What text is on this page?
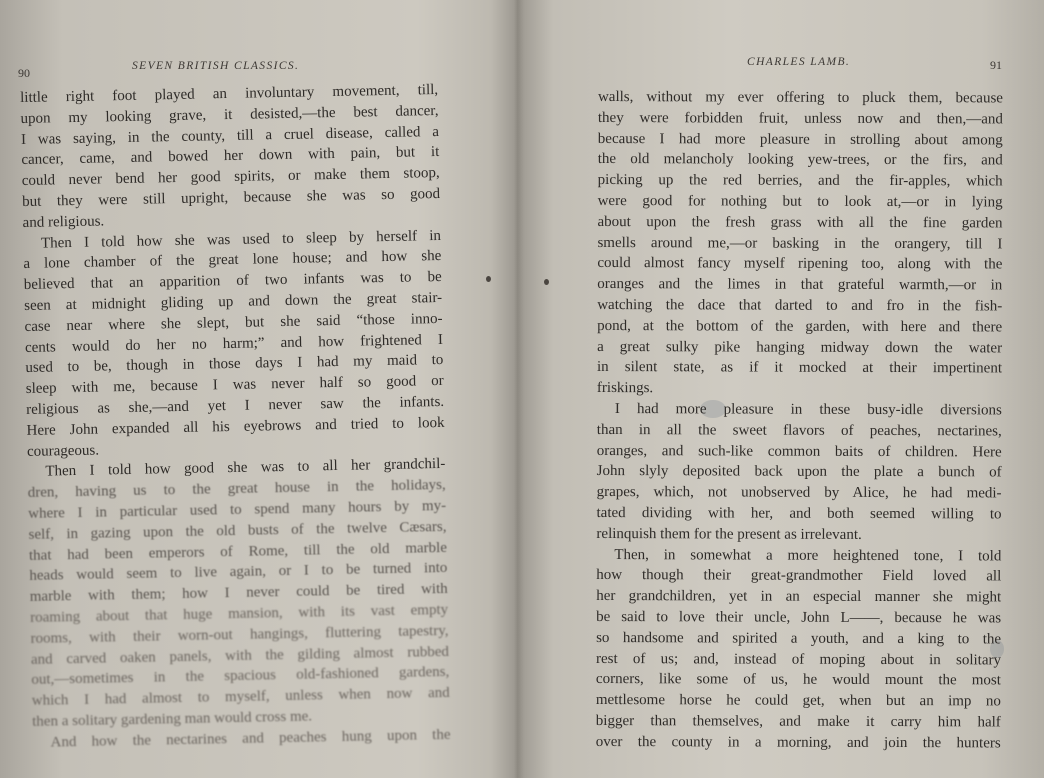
90	SEVEN BRITISH CLASSICS.
little right foot played an involuntary movement, till,
upon my looking grave, it desisted,—the best dancer,
I was saying, in the county, till a cruel disease, called a
cancer, came, and bowed her down with pain, but it
could never bend her good spirits, or make them stoop,
but they were still upright, because she was so good
and religious.
Then I told how she was used to sleep by herself in
a lone chamber of the great lone house; and how she
believed that an apparition of two infants was to be
seen at midnight gliding up and down the great stair-
case near where she slept, but she said “those inno-
cents would do her no harm;” and how frightened I
used to be, though in those days I had my maid to
sleep with me, because I was never half so good or
religious as she,—and yet I never saw the infants.
Here John expanded all his eyebrows and tried to look
courageous.
Then I told how good she was to all her grandchil-
dren, having us to the great house in the holidays,
where I in particular used to spend many hours by my-
self, in gazing upon the old busts of the twelve Cæsars,
that had been emperors of Rome, till the old marble
heads would seem to live again, or I to be turned into
marble with them; how I never could be tired with
roaming about that huge mansion, with its vast empty
rooms, with their worn-out hangings, fluttering tapestry,
and carved oaken panels, with the gilding almost rubbed
out,—sometimes in the spacious old-fashioned gardens,
which I had almost to myself, unless when now and
then a solitary gardening man would cross me.
And how the nectarines and peaches hung upon the
CHARLES LAMB.	91
walls, without my ever offering to pluck them, because
they were forbidden fruit, unless now and then,—and
because I had more pleasure in strolling about among
the old melancholy looking yew-trees, or the firs, and
picking up the red berries, and the fir-apples, which
were good for nothing but to look at,—or in lying
about upon the fresh grass with all the fine garden
smells around me,—or basking in the orangery, till I
could almost fancy myself ripening too, along with the
oranges and the limes in that grateful warmth,—or in
watching the dace that darted to and fro in the fish-
pond, at the bottom of the garden, with here and there
a great sulky pike hanging midway down the water
in silent state, as if it mocked at their impertinent
friskings.
I had more pleasure in these busy-idle diversions
than in all the sweet flavors of peaches, nectarines,
oranges, and such-like common baits of children. Here
John slyly deposited back upon the plate a bunch of
grapes, which, not unobserved by Alice, he had medi-
tated dividing with her, and both seemed willing to
relinquish them for the present as irrelevant.
Then, in somewhat a more heightened tone, I told
how though their great-grandmother Field loved all
her grandchildren, yet in an especial manner she might
be said to love their uncle, John L——, because he was
so handsome and spirited a youth, and a king to the
rest of us; and, instead of moping about in solitary
corners, like some of us, he would mount the most
mettlesome horse he could get, when but an imp no
bigger than themselves, and make it carry him half
over the county in a morning, and join the hunters
